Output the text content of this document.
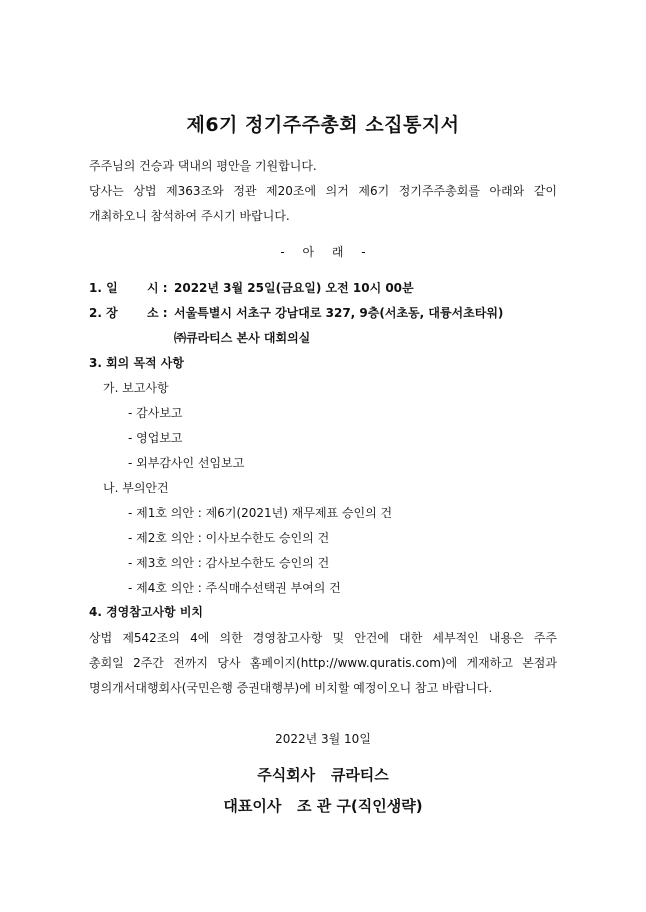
제6기 정기주주총회 소집통지서
주주님의 건승과 댁내의 평안을 기원합니다.
당사는 상법 제363조와 정관 제20조에 의거 제6기 정기주주총회를 아래와 같이
개최하오니 참석하여 주시기 바랍니다.
- 아 래 -
1. 일 시 : 2022년 3월 25일(금요일) 오전 10시 00분
2. 장 소 : 서울특별시 서초구 강남대로 327, 9층(서초동, 대륭서초타워)
㈜큐라티스 본사 대회의실
3. 회의 목적 사항
가. 보고사항
- 감사보고
- 영업보고
- 외부감사인 선임보고
나. 부의안건
- 제1호 의안 : 제6기(2021년) 재무제표 승인의 건
- 제2호 의안 : 이사보수한도 승인의 건
- 제3호 의안 : 감사보수한도 승인의 건
- 제4호 의안 : 주식매수선택권 부여의 건
4. 경영참고사항 비치
상법 제542조의 4에 의한 경영참고사항 및 안건에 대한 세부적인 내용은 주주
총회일 2주간 전까지 당사 홈페이지(http://www.quratis.com)에 게재하고 본점과
명의개서대행회사(국민은행 증권대행부)에 비치할 예정이오니 참고 바랍니다.
2022년 3월 10일
주식회사   큐라티스
대표이사   조 관 구(직인생략)
